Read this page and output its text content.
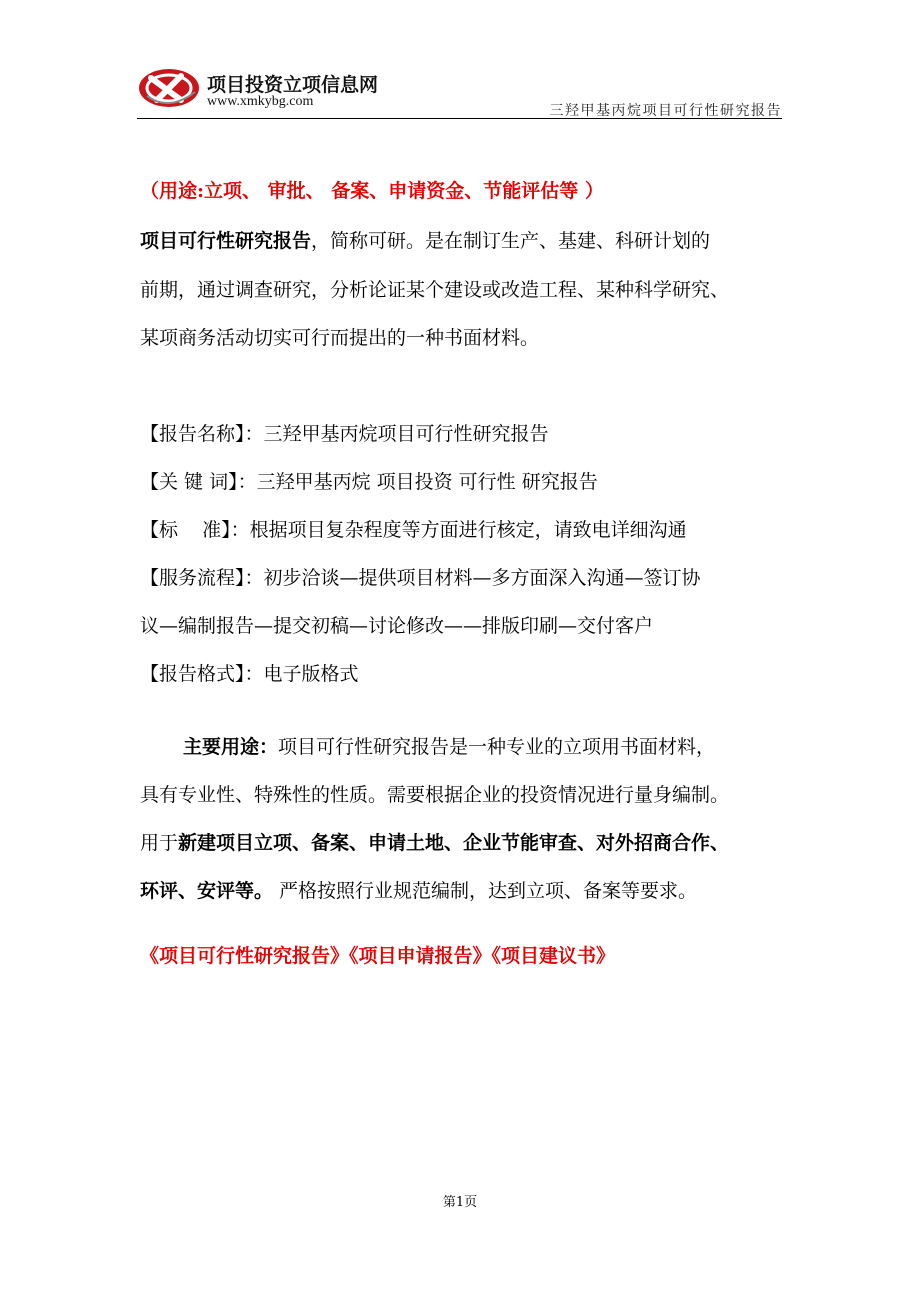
项目投资立项信息网
www.xmkybg.com
三羟甲基丙烷项目可行性研究报告
（用途:立项、 审批、 备案、申请资金、节能评估等 ）
项目可行性研究报告，简称可研。是在制订生产、基建、科研计划的
前期，通过调查研究，分析论证某个建设或改造工程、某种科学研究、
某项商务活动切实可行而提出的一种书面材料。
【报告名称】：三羟甲基丙烷项目可行性研究报告
【关 键 词】：三羟甲基丙烷 项目投资 可行性 研究报告
【标    准】：根据项目复杂程度等方面进行核定，请致电详细沟通
【服务流程】：初步洽谈—提供项目材料—多方面深入沟通—签订协
议—编制报告—提交初稿—讨论修改——排版印刷—交付客户
【报告格式】：电子版格式
主要用途：项目可行性研究报告是一种专业的立项用书面材料，
具有专业性、特殊性的性质。需要根据企业的投资情况进行量身编制。
用于新建项目立项、备案、申请土地、企业节能审查、对外招商合作、
环评、安评等。 严格按照行业规范编制，达到立项、备案等要求。
《项目可行性研究报告》《项目申请报告》《项目建议书》
第1页
